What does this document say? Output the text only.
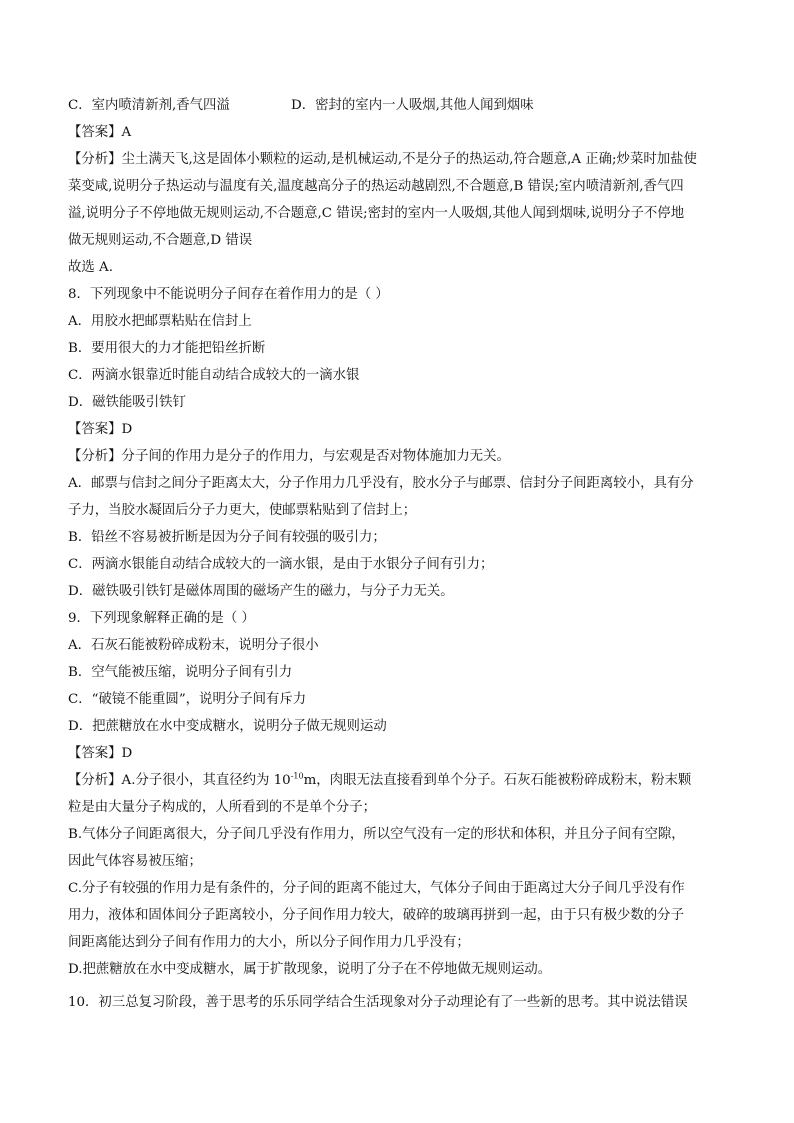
C．室内喷清新剂,香气四溢	D．密封的室内一人吸烟,其他人闻到烟味
【答案】A
【分析】尘土满天飞,这是固体小颗粒的运动,是机械运动,不是分子的热运动,符合题意,A 正确;炒菜时加盐使
菜变咸,说明分子热运动与温度有关,温度越高分子的热运动越剧烈,不合题意,B 错误;室内喷清新剂,香气四
溢,说明分子不停地做无规则运动,不合题意,C 错误;密封的室内一人吸烟,其他人闻到烟味,说明分子不停地
做无规则运动,不合题意,D 错误
故选 A.
8．下列现象中不能说明分子间存在着作用力的是（ ）
A．用胶水把邮票粘贴在信封上
B．要用很大的力才能把铅丝折断
C．两滴水银靠近时能自动结合成较大的一滴水银
D．磁铁能吸引铁钉
【答案】D
【分析】分子间的作用力是分子的作用力，与宏观是否对物体施加力无关。
A．邮票与信封之间分子距离太大，分子作用力几乎没有，胶水分子与邮票、信封分子间距离较小，具有分
子力，当胶水凝固后分子力更大，使邮票粘贴到了信封上；
B．铅丝不容易被折断是因为分子间有较强的吸引力；
C．两滴水银能自动结合成较大的一滴水银，是由于水银分子间有引力；
D．磁铁吸引铁钉是磁体周围的磁场产生的磁力，与分子力无关。
9．下列现象解释正确的是（ ）
A．石灰石能被粉碎成粉末，说明分子很小
B．空气能被压缩，说明分子间有引力
C．“破镜不能重圆”，说明分子间有斥力
D．把蔗糖放在水中变成糖水，说明分子做无规则运动
【答案】D
【分析】A.分子很小，其直径约为 $10^{-10}m$，肉眼无法直接看到单个分子。石灰石能被粉碎成粉末，粉末颗
粒是由大量分子构成的，人所看到的不是单个分子；
B.气体分子间距离很大，分子间几乎没有作用力，所以空气没有一定的形状和体积，并且分子间有空隙，
因此气体容易被压缩；
C.分子有较强的作用力是有条件的，分子间的距离不能过大，气体分子间由于距离过大分子间几乎没有作
用力，液体和固体间分子距离较小，分子间作用力较大，破碎的玻璃再拼到一起，由于只有极少数的分子
间距离能达到分子间有作用力的大小，所以分子间作用力几乎没有；
D.把蔗糖放在水中变成糖水，属于扩散现象，说明了分子在不停地做无规则运动。
10．初三总复习阶段，善于思考的乐乐同学结合生活现象对分子动理论有了一些新的思考。其中说法错误
